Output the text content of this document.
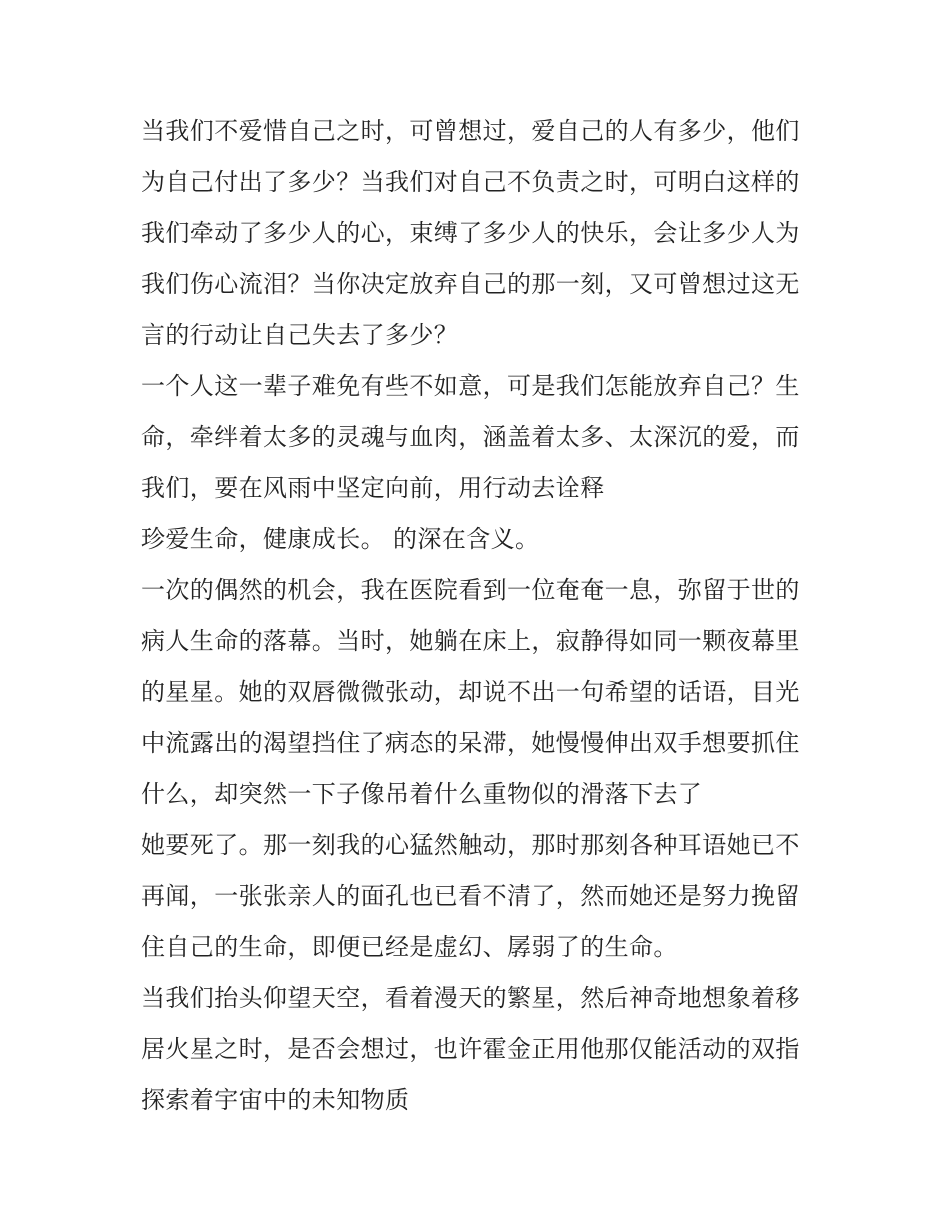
当我们不爱惜自己之时，可曾想过，爱自己的人有多少，他们
为自己付出了多少？当我们对自己不负责之时，可明白这样的
我们牵动了多少人的心，束缚了多少人的快乐，会让多少人为
我们伤心流泪？当你决定放弃自己的那一刻，又可曾想过这无
言的行动让自己失去了多少？
一个人这一辈子难免有些不如意，可是我们怎能放弃自己？生
命，牵绊着太多的灵魂与血肉，涵盖着太多、太深沉的爱，而
我们，要在风雨中坚定向前，用行动去诠释
珍爱生命，健康成长。 的深在含义。
一次的偶然的机会，我在医院看到一位奄奄一息，弥留于世的
病人生命的落幕。当时，她躺在床上，寂静得如同一颗夜幕里
的星星。她的双唇微微张动，却说不出一句希望的话语，目光
中流露出的渴望挡住了病态的呆滞，她慢慢伸出双手想要抓住
什么，却突然一下子像吊着什么重物似的滑落下去了
她要死了。那一刻我的心猛然触动，那时那刻各种耳语她已不
再闻，一张张亲人的面孔也已看不清了，然而她还是努力挽留
住自己的生命，即便已经是虚幻、孱弱了的生命。
当我们抬头仰望天空，看着漫天的繁星，然后神奇地想象着移
居火星之时，是否会想过，也许霍金正用他那仅能活动的双指
探索着宇宙中的未知物质
